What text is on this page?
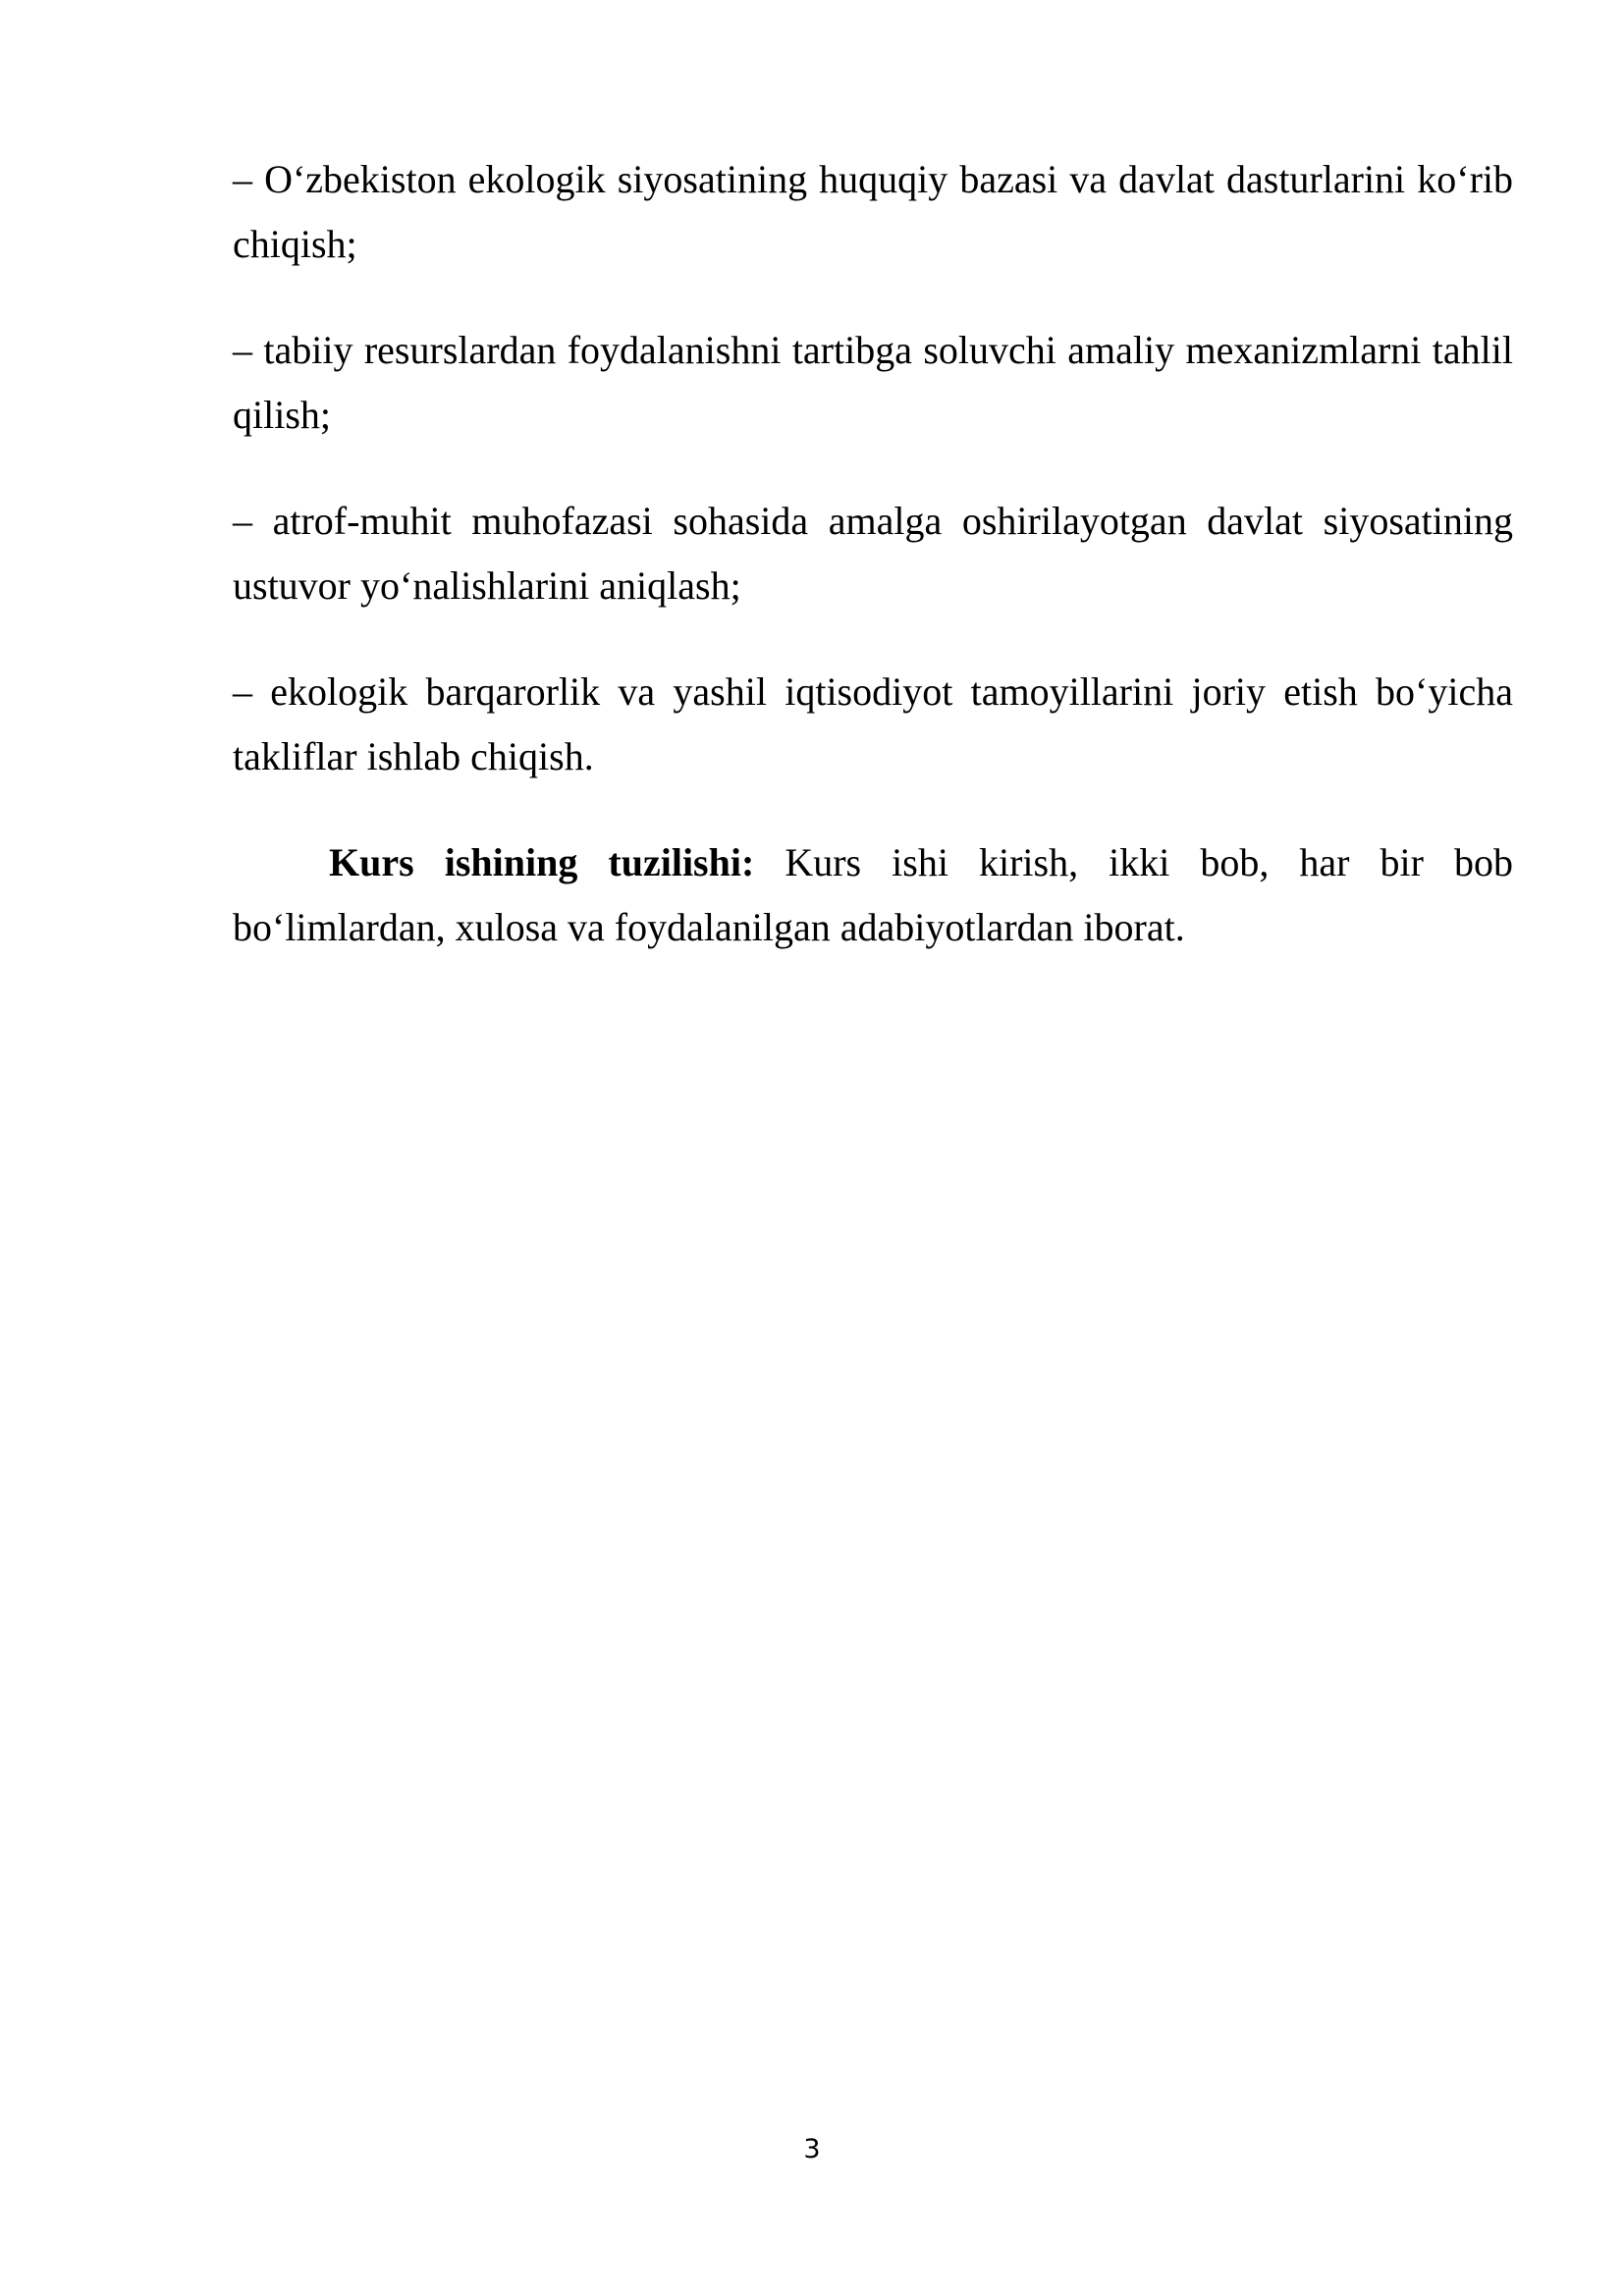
– O‘zbekiston ekologik siyosatining huquqiy bazasi va davlat dasturlarini ko‘rib chiqish;

– tabiiy resurslardan foydalanishni tartibga soluvchi amaliy mexanizmlarni tahlil qilish;

– atrof-muhit muhofazasi sohasida amalga oshirilayotgan davlat siyosatining ustuvor yo‘nalishlarini aniqlash;

– ekologik barqarorlik va yashil iqtisodiyot tamoyillarini joriy etish bo‘yicha takliflar ishlab chiqish.

Kurs ishining tuzilishi: Kurs ishi kirish, ikki bob, har bir bob bo‘limlardan, xulosa va foydalanilgan adabiyotlardan iborat.

3
